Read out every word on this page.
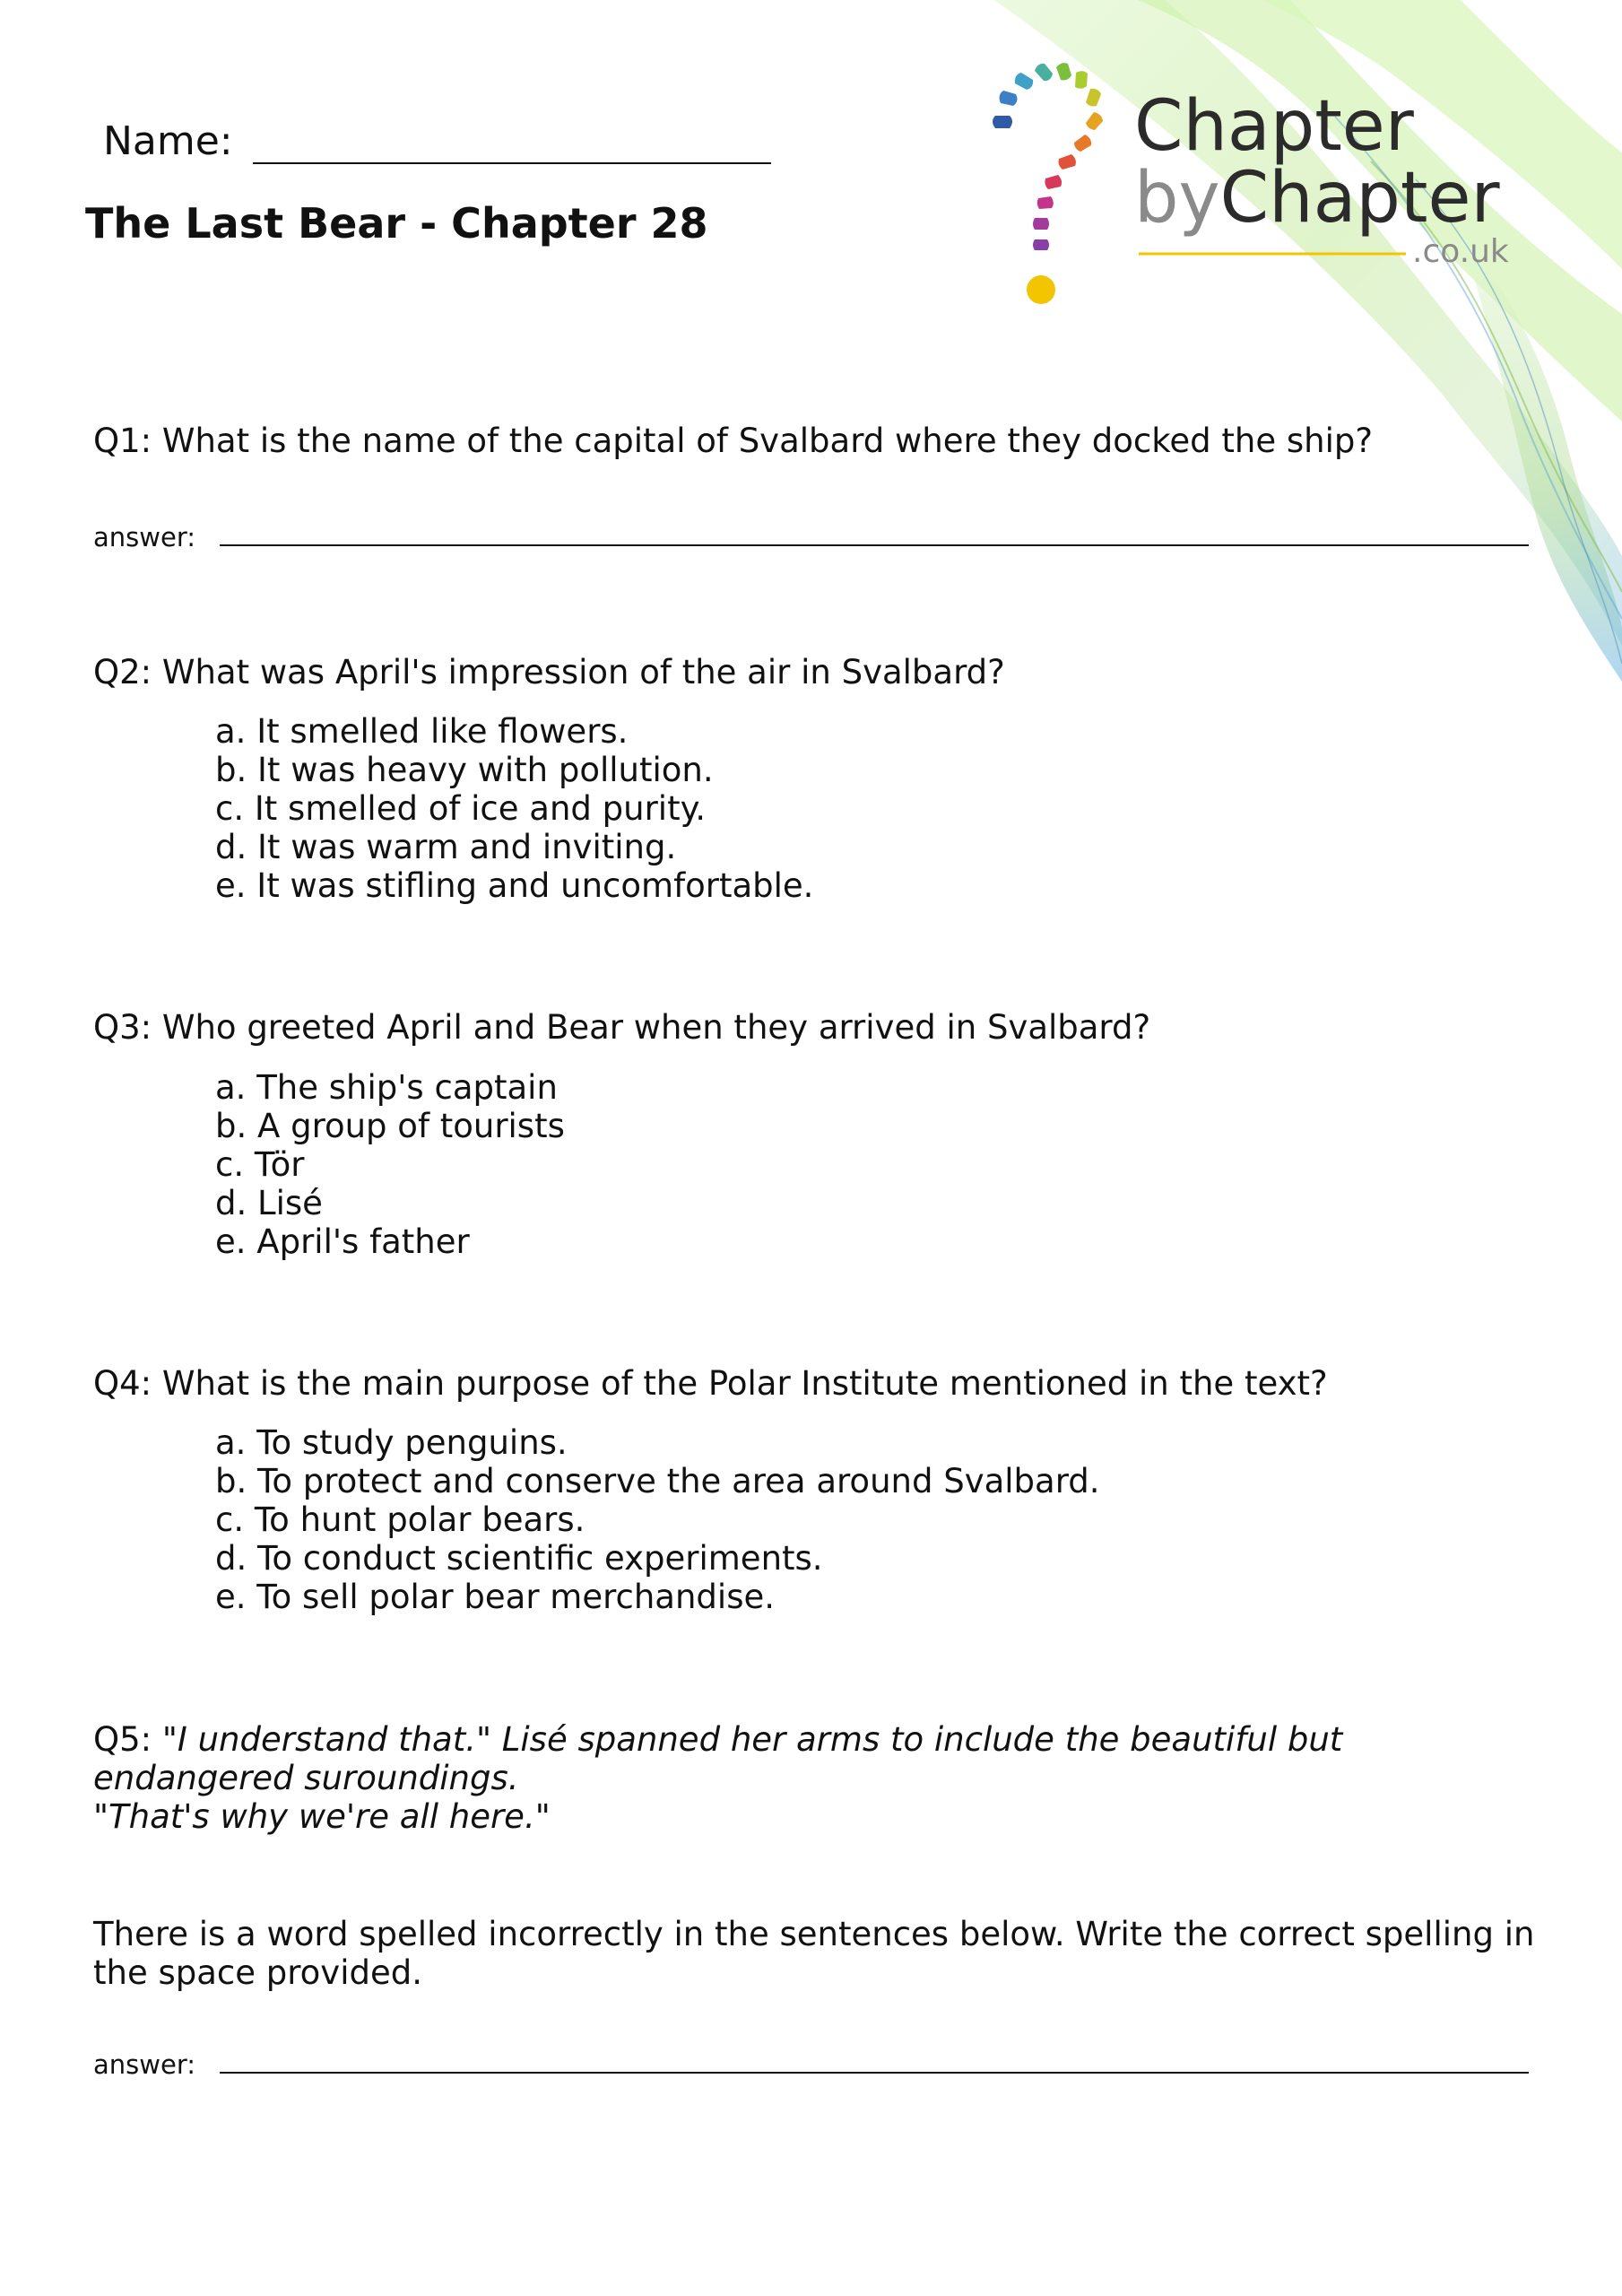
Chapter
byChapter
.co.uk
Name:
The Last Bear - Chapter 28
Q1: What is the name of the capital of Svalbard where they docked the ship?
answer:
Q2: What was April's impression of the air in Svalbard?
a. It smelled like flowers.
b. It was heavy with pollution.
c. It smelled of ice and purity.
d. It was warm and inviting.
e. It was stifling and uncomfortable.
Q3: Who greeted April and Bear when they arrived in Svalbard?
a. The ship's captain
b. A group of tourists
c. Tör
d. Lisé
e. April's father
Q4: What is the main purpose of the Polar Institute mentioned in the text?
a. To study penguins.
b. To protect and conserve the area around Svalbard.
c. To hunt polar bears.
d. To conduct scientific experiments.
e. To sell polar bear merchandise.
Q5: "I understand that." Lisé spanned her arms to include the beautiful but endangered suroundings.
"That's why we're all here."
There is a word spelled incorrectly in the sentences below. Write the correct spelling in the space provided.
answer:
